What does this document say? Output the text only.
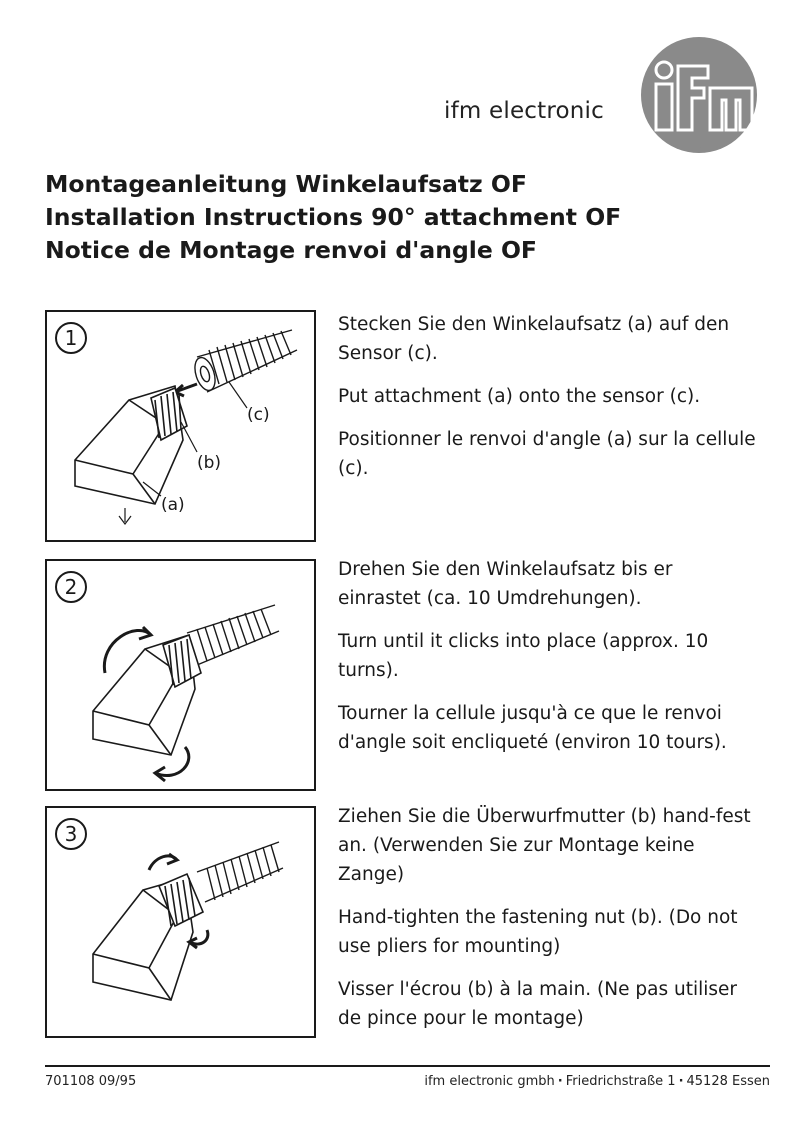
ifm electronic
ifm
Montageanleitung Winkelaufsatz OF
Installation Instructions 90° attachment OF
Notice de Montage renvoi d'angle OF
1
(c)
(b)
(a)

Stecken Sie den Winkelaufsatz (a) auf den Sensor (c).

Put attachment (a) onto the sensor (c).

Positionner le renvoi d'angle (a) sur la cellule (c).

2

Drehen Sie den Winkelaufsatz bis er einrastet (ca. 10 Umdrehungen).

Turn until it clicks into place (approx. 10 turns).

Tourner la cellule jusqu'à ce que le renvoi d'angle soit encliqueté (environ 10 tours).

3

Ziehen Sie die Überwurfmutter (b) hand-fest an. (Verwenden Sie zur Montage keine Zange)

Hand-tighten the fastening nut (b). (Do not use pliers for mounting)

Visser l'écrou (b) à la main. (Ne pas utiliser de pince pour le montage)

701108 09/95	ifm electronic gmbh · Friedrichstraße 1 · 45128 Essen
